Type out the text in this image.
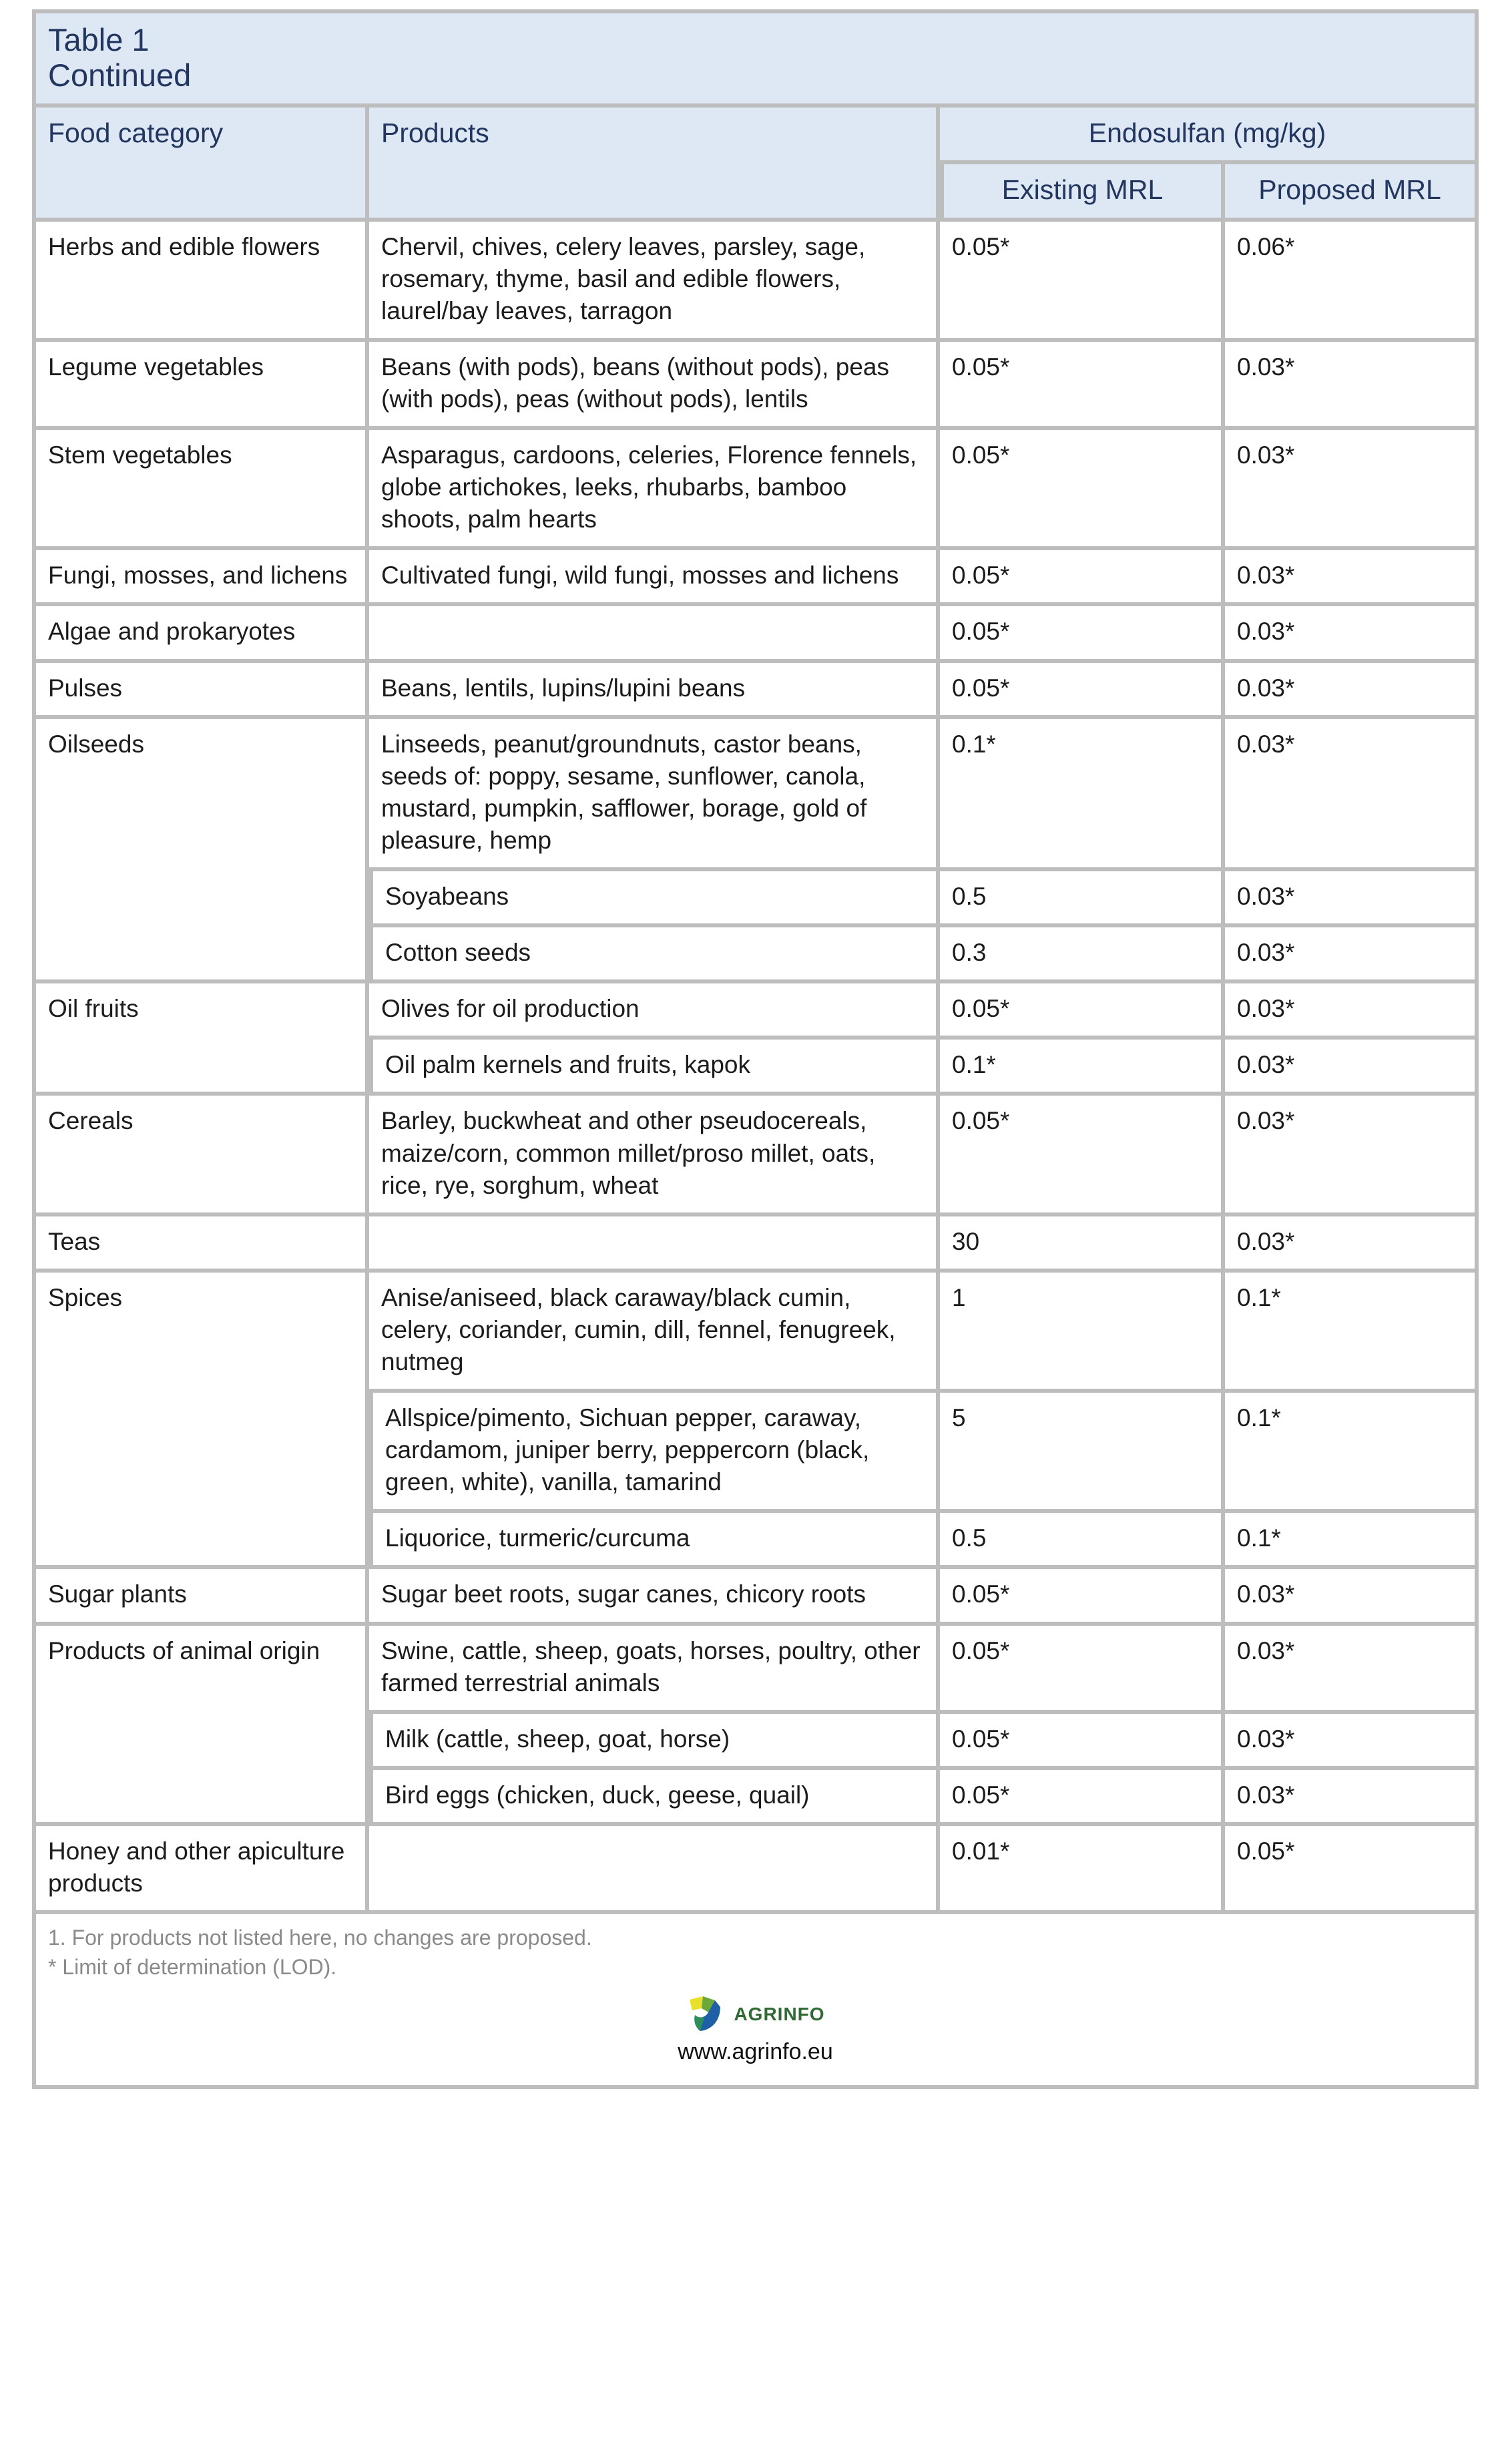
Table 1
Continued			

Food category	Products	Endosulfan (mg/kg)	
		Existing MRL	Proposed MRL
Herbs and edible flowers	Chervil, chives, celery leaves, parsley, sage, rosemary, thyme, basil and edible flowers, laurel/bay leaves, tarragon	0.05*	0.06*
Legume vegetables	Beans (with pods), beans (without pods), peas (with pods), peas (without pods), lentils	0.05*	0.03*
Stem vegetables	Asparagus, cardoons, celeries, Florence fennels, globe artichokes, leeks, rhubarbs, bamboo shoots, palm hearts	0.05*	0.03*
Fungi, mosses, and lichens	Cultivated fungi, wild fungi, mosses and lichens	0.05*	0.03*
Algae and prokaryotes		0.05*	0.03*
Pulses	Beans, lentils, lupins/lupini beans	0.05*	0.03*
Oilseeds	Linseeds, peanut/groundnuts, castor beans, seeds of: poppy, sesame, sunflower, canola, mustard, pumpkin, safflower, borage, gold of pleasure, hemp	0.1*	0.03*
	Soyabeans	0.5	0.03*
	Cotton seeds	0.3	0.03*
Oil fruits	Olives for oil production	0.05*	0.03*
	Oil palm kernels and fruits, kapok	0.1*	0.03*
Cereals	Barley, buckwheat and other pseudocereals, maize/corn, common millet/proso millet, oats, rice, rye, sorghum, wheat	0.05*	0.03*
Teas		30	0.03*
Spices	Anise/aniseed, black caraway/black cumin, celery, coriander, cumin, dill, fennel, fenugreek, nutmeg	1	0.1*
	Allspice/pimento, Sichuan pepper, caraway, cardamom, juniper berry, peppercorn (black, green, white), vanilla, tamarind	5	0.1*
	Liquorice, turmeric/curcuma	0.5	0.1*
Sugar plants	Sugar beet roots, sugar canes, chicory roots	0.05*	0.03*
Products of animal origin	Swine, cattle, sheep, goats, horses, poultry, other farmed terrestrial animals	0.05*	0.03*
	Milk (cattle, sheep, goat, horse)	0.05*	0.03*
	Bird eggs (chicken, duck, geese, quail)	0.05*	0.03*
Honey and other apiculture products		0.01*	0.05*

1. For products not listed here, no changes are proposed.
* Limit of determination (LOD).
AGRINFO
www.agrinfo.eu			
